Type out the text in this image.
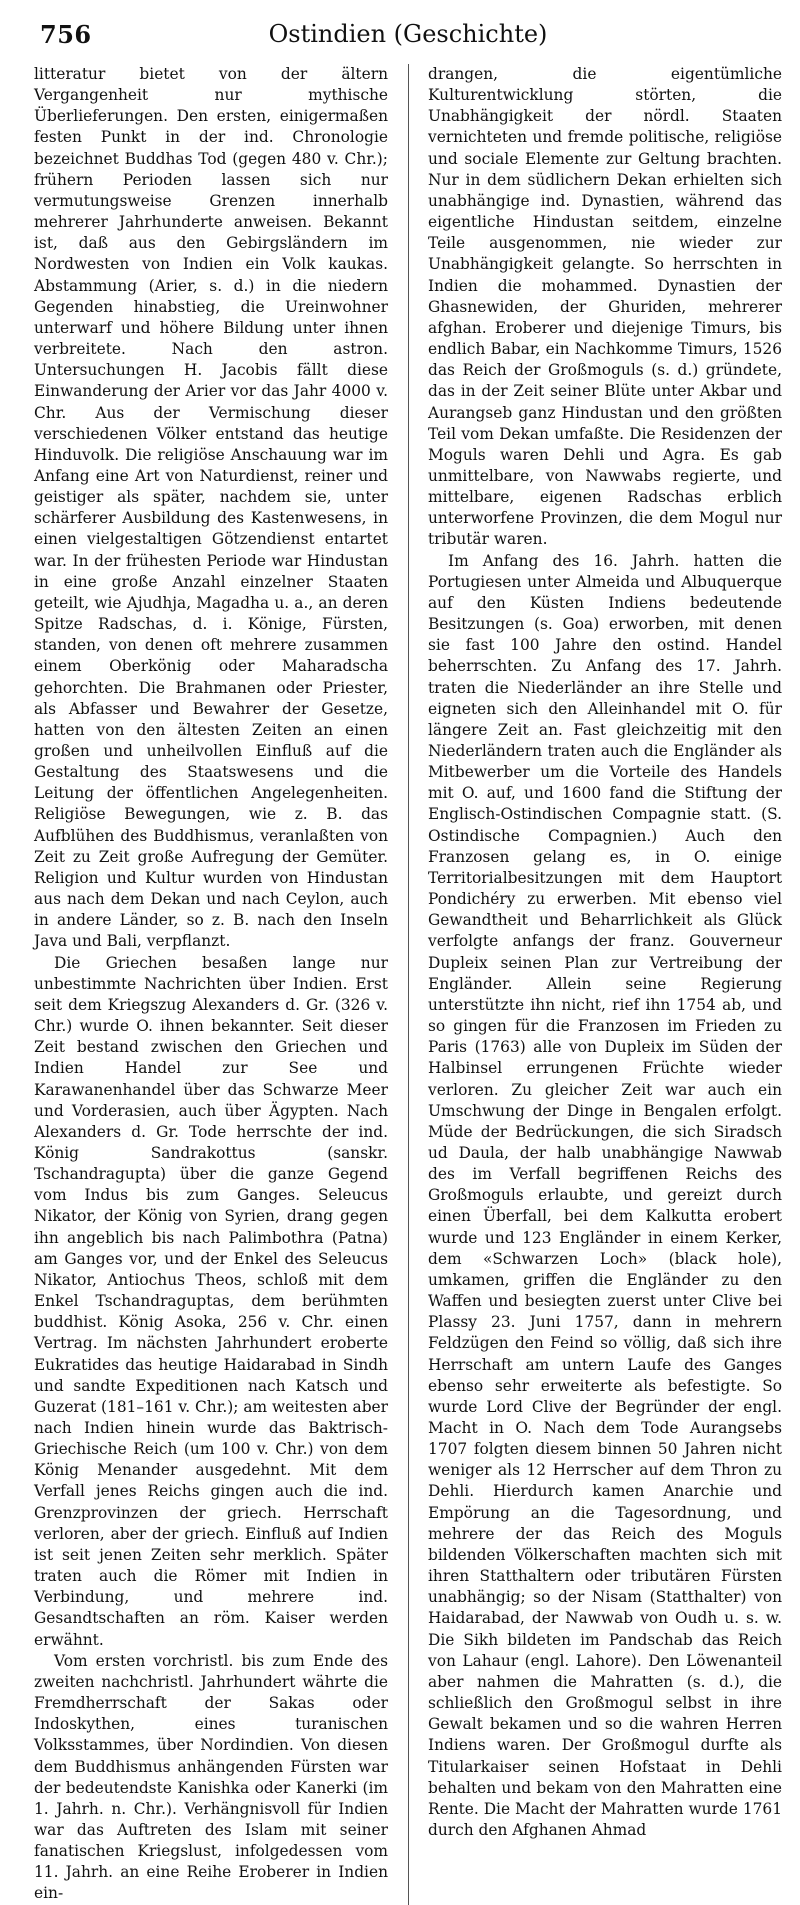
756	Ostindien (Geschichte)

litteratur bietet von der ältern Vergangenheit nur mythische Überlieferungen. Den ersten, einigermaßen festen Punkt in der ind. Chronologie bezeichnet Buddhas Tod (gegen 480 v. Chr.); frühern Perioden lassen sich nur vermutungsweise Grenzen innerhalb mehrerer Jahrhunderte anweisen. Bekannt ist, daß aus den Gebirgsländern im Nordwesten von Indien ein Volk kaukas. Abstammung (Arier, s. d.) in die niedern Gegenden hinabstieg, die Ureinwohner unterwarf und höhere Bildung unter ihnen verbreitete. Nach den astron. Untersuchungen H. Jacobis fällt diese Einwanderung der Arier vor das Jahr 4000 v. Chr. Aus der Vermischung dieser verschiedenen Völker entstand das heutige Hinduvolk. Die religiöse Anschauung war im Anfang eine Art von Naturdienst, reiner und geistiger als später, nachdem sie, unter schärferer Ausbildung des Kastenwesens, in einen vielgestaltigen Götzendienst entartet war. In der frühesten Periode war Hindustan in eine große Anzahl einzelner Staaten geteilt, wie Ajudhja, Magadha u. a., an deren Spitze Radschas, d. i. Könige, Fürsten, standen, von denen oft mehrere zusammen einem Oberkönig oder Maharadscha gehorchten. Die Brahmanen oder Priester, als Abfasser und Bewahrer der Gesetze, hatten von den ältesten Zeiten an einen großen und unheilvollen Einfluß auf die Gestaltung des Staatswesens und die Leitung der öffentlichen Angelegenheiten. Religiöse Bewegungen, wie z. B. das Aufblühen des Buddhismus, veranlaßten von Zeit zu Zeit große Aufregung der Gemüter. Religion und Kultur wurden von Hindustan aus nach dem Dekan und nach Ceylon, auch in andere Länder, so z. B. nach den Inseln Java und Bali, verpflanzt.

Die Griechen besaßen lange nur unbestimmte Nachrichten über Indien. Erst seit dem Kriegszug Alexanders d. Gr. (326 v. Chr.) wurde O. ihnen bekannter. Seit dieser Zeit bestand zwischen den Griechen und Indien Handel zur See und Karawanenhandel über das Schwarze Meer und Vorderasien, auch über Ägypten. Nach Alexanders d. Gr. Tode herrschte der ind. König Sandrakottus (sanskr. Tschandragupta) über die ganze Gegend vom Indus bis zum Ganges. Seleucus Nikator, der König von Syrien, drang gegen ihn angeblich bis nach Palimbothra (Patna) am Ganges vor, und der Enkel des Seleucus Nikator, Antiochus Theos, schloß mit dem Enkel Tschandraguptas, dem berühmten buddhist. König Asoka, 256 v. Chr. einen Vertrag. Im nächsten Jahrhundert eroberte Eukratides das heutige Haidarabad in Sindh und sandte Expeditionen nach Katsch und Guzerat (181–161 v. Chr.); am weitesten aber nach Indien hinein wurde das Baktrisch-Griechische Reich (um 100 v. Chr.) von dem König Menander ausgedehnt. Mit dem Verfall jenes Reichs gingen auch die ind. Grenzprovinzen der griech. Herrschaft verloren, aber der griech. Einfluß auf Indien ist seit jenen Zeiten sehr merklich. Später traten auch die Römer mit Indien in Verbindung, und mehrere ind. Gesandtschaften an röm. Kaiser werden erwähnt.

Vom ersten vorchristl. bis zum Ende des zweiten nachchristl. Jahrhundert währte die Fremdherrschaft der Sakas oder Indoskythen, eines turanischen Volksstammes, über Nordindien. Von diesen dem Buddhismus anhängenden Fürsten war der bedeutendste Kanishka oder Kanerki (im 1. Jahrh. n. Chr.). Verhängnisvoll für Indien war das Auftreten des Islam mit seiner fanatischen Kriegslust, infolgedessen vom 11. Jahrh. an eine Reihe Eroberer in Indien ein-

drangen, die eigentümliche Kulturentwicklung störten, die Unabhängigkeit der nördl. Staaten vernichteten und fremde politische, religiöse und sociale Elemente zur Geltung brachten. Nur in dem südlichern Dekan erhielten sich unabhängige ind. Dynastien, während das eigentliche Hindustan seitdem, einzelne Teile ausgenommen, nie wieder zur Unabhängigkeit gelangte. So herrschten in Indien die mohammed. Dynastien der Ghasnewiden, der Ghuriden, mehrerer afghan. Eroberer und diejenige Timurs, bis endlich Babar, ein Nachkomme Timurs, 1526 das Reich der Großmoguls (s. d.) gründete, das in der Zeit seiner Blüte unter Akbar und Aurangseb ganz Hindustan und den größten Teil vom Dekan umfaßte. Die Residenzen der Moguls waren Dehli und Agra. Es gab unmittelbare, von Nawwabs regierte, und mittelbare, eigenen Radschas erblich unterworfene Provinzen, die dem Mogul nur tributär waren.

Im Anfang des 16. Jahrh. hatten die Portugiesen unter Almeida und Albuquerque auf den Küsten Indiens bedeutende Besitzungen (s. Goa) erworben, mit denen sie fast 100 Jahre den ostind. Handel beherrschten. Zu Anfang des 17. Jahrh. traten die Niederländer an ihre Stelle und eigneten sich den Alleinhandel mit O. für längere Zeit an. Fast gleichzeitig mit den Niederländern traten auch die Engländer als Mitbewerber um die Vorteile des Handels mit O. auf, und 1600 fand die Stiftung der Englisch-Ostindischen Compagnie statt. (S. Ostindische Compagnien.) Auch den Franzosen gelang es, in O. einige Territorialbesitzungen mit dem Hauptort Pondichéry zu erwerben. Mit ebenso viel Gewandtheit und Beharrlichkeit als Glück verfolgte anfangs der franz. Gouverneur Dupleix seinen Plan zur Vertreibung der Engländer. Allein seine Regierung unterstützte ihn nicht, rief ihn 1754 ab, und so gingen für die Franzosen im Frieden zu Paris (1763) alle von Dupleix im Süden der Halbinsel errungenen Früchte wieder verloren. Zu gleicher Zeit war auch ein Umschwung der Dinge in Bengalen erfolgt. Müde der Bedrückungen, die sich Siradsch ud Daula, der halb unabhängige Nawwab des im Verfall begriffenen Reichs des Großmoguls erlaubte, und gereizt durch einen Überfall, bei dem Kalkutta erobert wurde und 123 Engländer in einem Kerker, dem «Schwarzen Loch» (black hole), umkamen, griffen die Engländer zu den Waffen und besiegten zuerst unter Clive bei Plassy 23. Juni 1757, dann in mehrern Feldzügen den Feind so völlig, daß sich ihre Herrschaft am untern Laufe des Ganges ebenso sehr erweiterte als befestigte. So wurde Lord Clive der Begründer der engl. Macht in O. Nach dem Tode Aurangsebs 1707 folgten diesem binnen 50 Jahren nicht weniger als 12 Herrscher auf dem Thron zu Dehli. Hierdurch kamen Anarchie und Empörung an die Tagesordnung, und mehrere der das Reich des Moguls bildenden Völkerschaften machten sich mit ihren Statthaltern oder tributären Fürsten unabhängig; so der Nisam (Statthalter) von Haidarabad, der Nawwab von Oudh u. s. w. Die Sikh bildeten im Pandschab das Reich von Lahaur (engl. Lahore). Den Löwenanteil aber nahmen die Mahratten (s. d.), die schließlich den Großmogul selbst in ihre Gewalt bekamen und so die wahren Herren Indiens waren. Der Großmogul durfte als Titularkaiser seinen Hofstaat in Dehli behalten und bekam von den Mahratten eine Rente. Die Macht der Mahratten wurde 1761 durch den Afghanen Ahmad
